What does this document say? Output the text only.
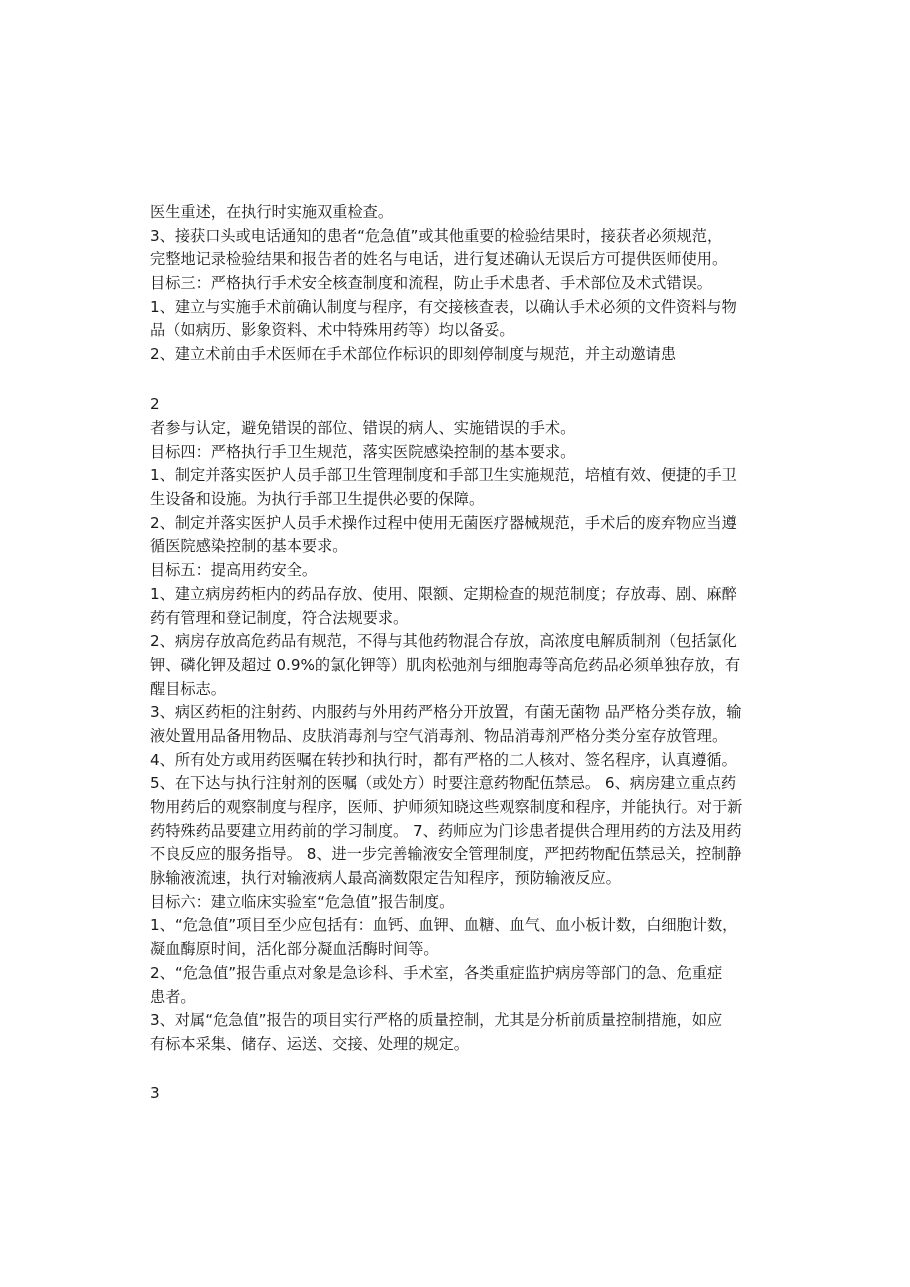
医生重述，在执行时实施双重检查。
3、接获口头或电话通知的患者“危急值”或其他重要的检验结果时，接获者必须规范，
完整地记录检验结果和报告者的姓名与电话，进行复述确认无误后方可提供医师使用。
目标三：严格执行手术安全核查制度和流程，防止手术患者、手术部位及术式错误。
1、建立与实施手术前确认制度与程序，有交接核查表，以确认手术必须的文件资料与物
品（如病历、影象资料、术中特殊用药等）均以备妥。
2、建立术前由手术医师在手术部位作标识的即刻停制度与规范，并主动邀请患
2
者参与认定，避免错误的部位、错误的病人、实施错误的手术。
目标四：严格执行手卫生规范，落实医院感染控制的基本要求。
1、制定并落实医护人员手部卫生管理制度和手部卫生实施规范，培植有效、便捷的手卫
生设备和设施。为执行手部卫生提供必要的保障。
2、制定并落实医护人员手术操作过程中使用无菌医疗器械规范，手术后的废弃物应当遵
循医院感染控制的基本要求。
目标五：提高用药安全。
1、建立病房药柜内的药品存放、使用、限额、定期检查的规范制度；存放毒、剧、麻醉
药有管理和登记制度，符合法规要求。
2、病房存放高危药品有规范，不得与其他药物混合存放，高浓度电解质制剂（包括氯化
钾、磷化钾及超过 0.9%的氯化钾等）肌肉松弛剂与细胞毒等高危药品必须单独存放，有
醒目标志。
3、病区药柜的注射药、内服药与外用药严格分开放置，有菌无菌物 品严格分类存放，输
液处置用品备用物品、皮肤消毒剂与空气消毒剂、物品消毒剂严格分类分室存放管理。
4、所有处方或用药医嘱在转抄和执行时，都有严格的二人核对、签名程序，认真遵循。
5、在下达与执行注射剂的医嘱（或处方）时要注意药物配伍禁忌。 6、病房建立重点药
物用药后的观察制度与程序，医师、护师须知晓这些观察制度和程序，并能执行。对于新
药特殊药品要建立用药前的学习制度。 7、药师应为门诊患者提供合理用药的方法及用药
不良反应的服务指导。 8、进一步完善输液安全管理制度，严把药物配伍禁忌关，控制静
脉输液流速，执行对输液病人最高滴数限定告知程序，预防输液反应。
目标六：建立临床实验室“危急值”报告制度。
1、“危急值”项目至少应包括有：血钙、血钾、血糖、血气、血小板计数，白细胞计数，
凝血酶原时间，活化部分凝血活酶时间等。
2、“危急值”报告重点对象是急诊科、手术室，各类重症监护病房等部门的急、危重症
患者。
3、对属“危急值”报告的项目实行严格的质量控制，尤其是分析前质量控制措施，如应
有标本采集、储存、运送、交接、处理的规定。
3
